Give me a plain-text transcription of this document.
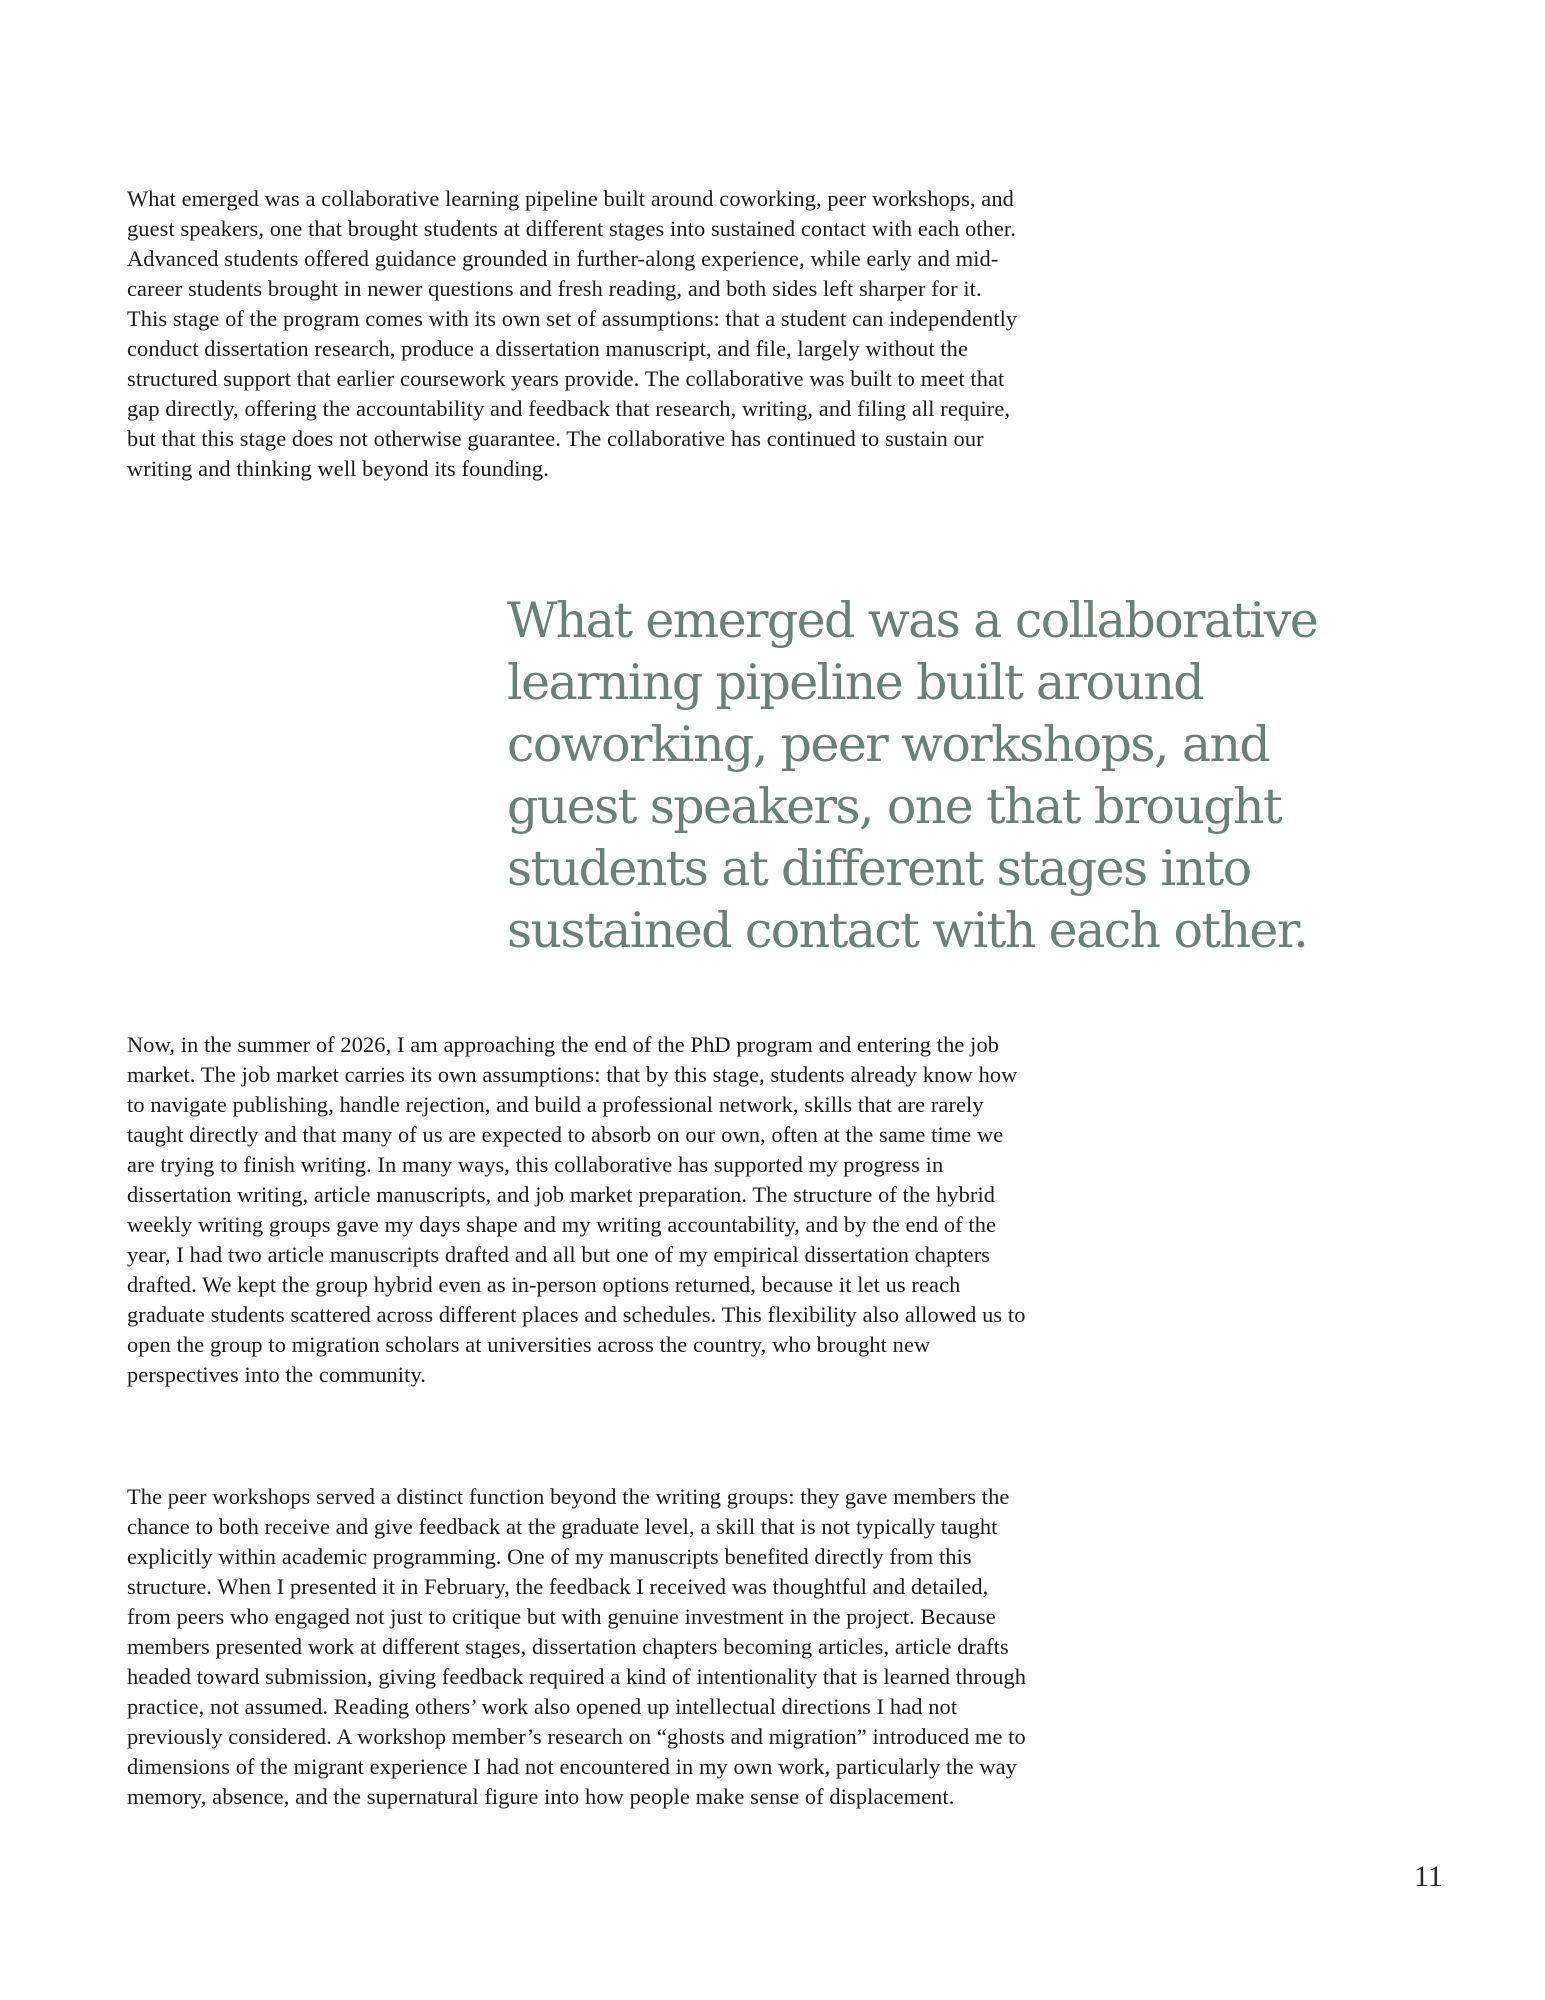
What emerged was a collaborative learning pipeline built around coworking, peer workshops, and guest speakers, one that brought students at different stages into sustained contact with each other. Advanced students offered guidance grounded in further-along experience, while early and mid-career students brought in newer questions and fresh reading, and both sides left sharper for it. This stage of the program comes with its own set of assumptions: that a student can independently conduct dissertation research, produce a dissertation manuscript, and file, largely without the structured support that earlier coursework years provide. The collaborative was built to meet that gap directly, offering the accountability and feedback that research, writing, and filing all require, but that this stage does not otherwise guarantee. The collaborative has continued to sustain our writing and thinking well beyond its founding.

What emerged was a collaborative learning pipeline built around coworking, peer workshops, and guest speakers, one that brought students at different stages into sustained contact with each other.

Now, in the summer of 2026, I am approaching the end of the PhD program and entering the job market. The job market carries its own assumptions: that by this stage, students already know how to navigate publishing, handle rejection, and build a professional network, skills that are rarely taught directly and that many of us are expected to absorb on our own, often at the same time we are trying to finish writing. In many ways, this collaborative has supported my progress in dissertation writing, article manuscripts, and job market preparation. The structure of the hybrid weekly writing groups gave my days shape and my writing accountability, and by the end of the year, I had two article manuscripts drafted and all but one of my empirical dissertation chapters drafted. We kept the group hybrid even as in-person options returned, because it let us reach graduate students scattered across different places and schedules. This flexibility also allowed us to open the group to migration scholars at universities across the country, who brought new perspectives into the community.

The peer workshops served a distinct function beyond the writing groups: they gave members the chance to both receive and give feedback at the graduate level, a skill that is not typically taught explicitly within academic programming. One of my manuscripts benefited directly from this structure. When I presented it in February, the feedback I received was thoughtful and detailed, from peers who engaged not just to critique but with genuine investment in the project. Because members presented work at different stages, dissertation chapters becoming articles, article drafts headed toward submission, giving feedback required a kind of intentionality that is learned through practice, not assumed. Reading others’ work also opened up intellectual directions I had not previously considered. A workshop member’s research on “ghosts and migration” introduced me to dimensions of the migrant experience I had not encountered in my own work, particularly the way memory, absence, and the supernatural figure into how people make sense of displacement.

11
